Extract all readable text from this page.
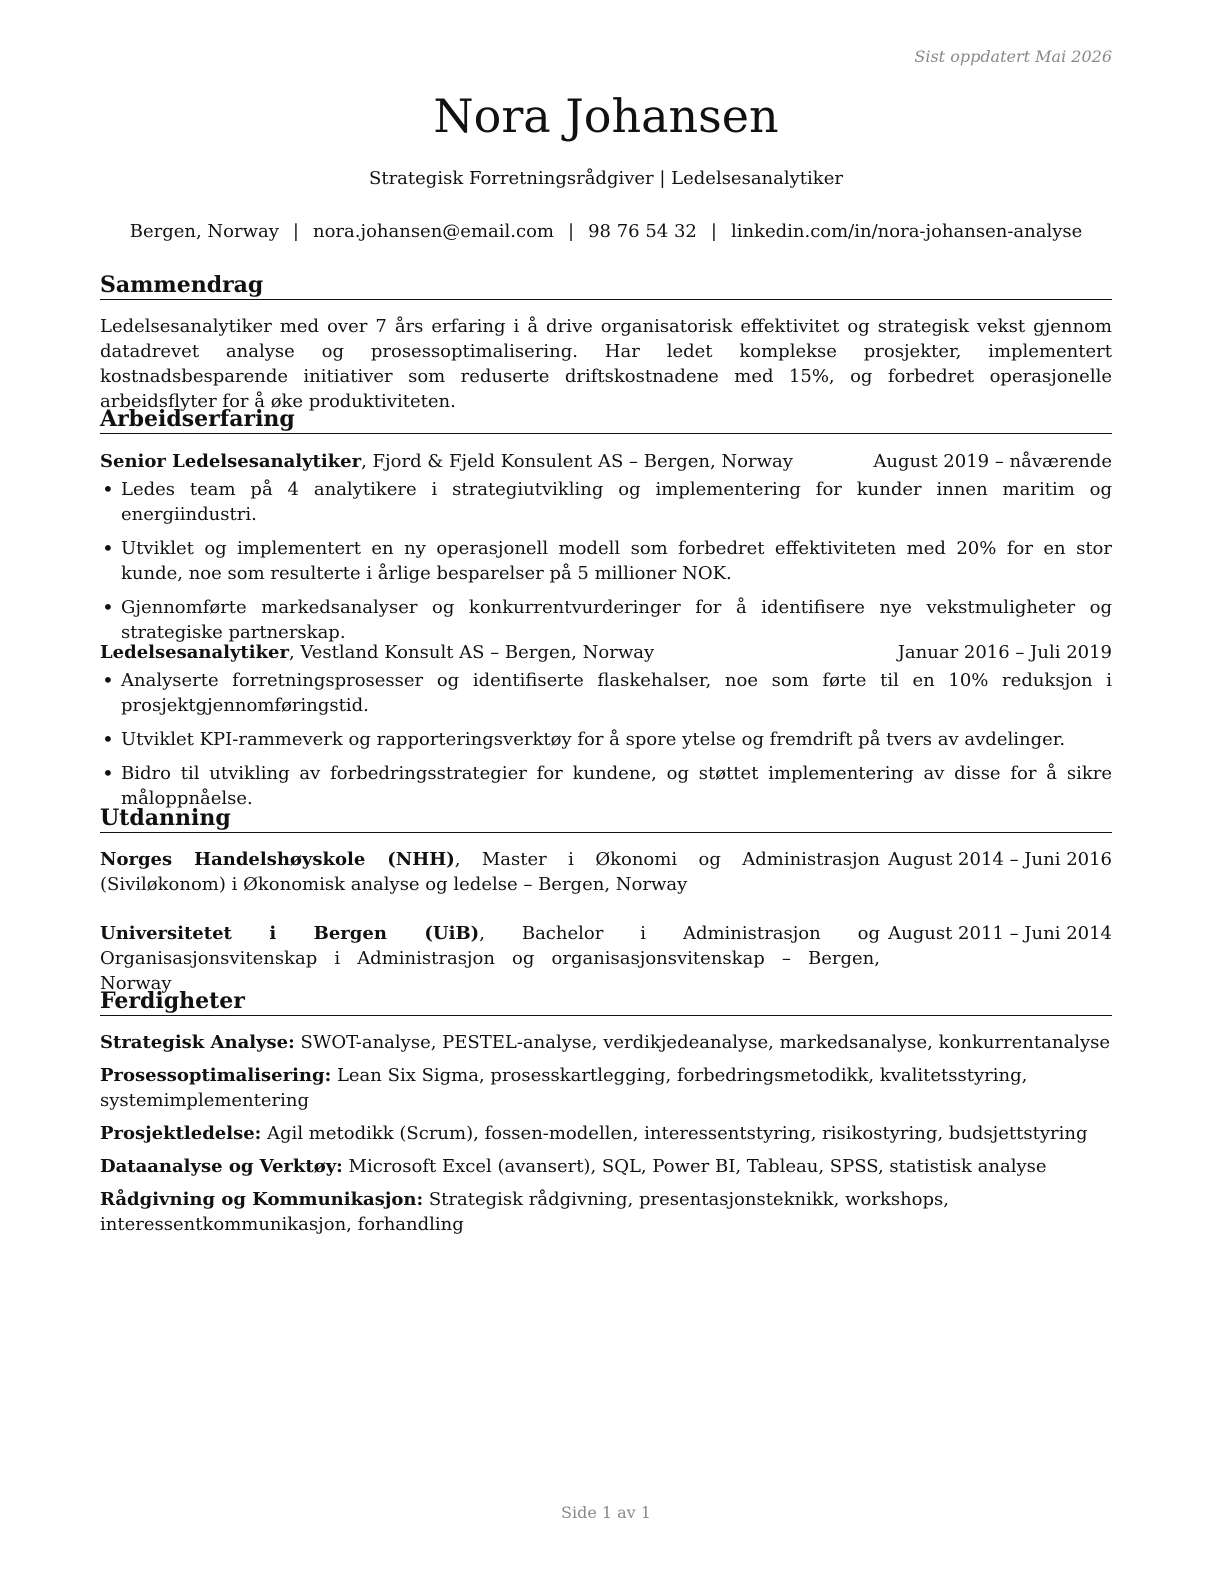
Sist oppdatert Mai 2026
Nora Johansen
Strategisk Forretningsrådgiver | Ledelsesanalytiker
Bergen, Norway | nora.johansen@email.com | 98 76 54 32 | linkedin.com/in/nora-johansen-analyse
Sammendrag
Ledelsesanalytiker med over 7 års erfaring i å drive organisatorisk effektivitet og strategisk vekst gjennom datadrevet analyse og prosessoptimalisering. Har ledet komplekse prosjekter, implementert kostnadsbesparende initiativer som reduserte driftskostnadene med 15%, og forbedret operasjonelle arbeidsflyter for å øke produktiviteten.
Arbeidserfaring
Senior Ledelsesanalytiker, Fjord & Fjeld Konsulent AS – Bergen, Norway	August 2019 – nåværende
• Ledes team på 4 analytikere i strategiutvikling og implementering for kunder innen maritim og energiindustri.
• Utviklet og implementert en ny operasjonell modell som forbedret effektiviteten med 20% for en stor kunde, noe som resulterte i årlige besparelser på 5 millioner NOK.
• Gjennomførte markedsanalyser og konkurrentvurderinger for å identifisere nye vekstmuligheter og strategiske partnerskap.
Ledelsesanalytiker, Vestland Konsult AS – Bergen, Norway	Januar 2016 – Juli 2019
• Analyserte forretningsprosesser og identifiserte flaskehalser, noe som førte til en 10% reduksjon i prosjektgjennomføringstid.
• Utviklet KPI-rammeverk og rapporteringsverktøy for å spore ytelse og fremdrift på tvers av avdelinger.
• Bidro til utvikling av forbedringsstrategier for kundene, og støttet implementering av disse for å sikre måloppnåelse.
Utdanning
Norges Handelshøyskole (NHH), Master i Økonomi og Administrasjon (Siviløkonom) i Økonomisk analyse og ledelse – Bergen, Norway
August 2014 – Juni 2016
Universitetet i Bergen (UiB), Bachelor i Administrasjon og Organisasjonsvitenskap i Administrasjon og organisasjonsvitenskap – Bergen, Norway
August 2011 – Juni 2014
Ferdigheter
Strategisk Analyse: SWOT-analyse, PESTEL-analyse, verdikjedeanalyse, markedsanalyse, konkurrentanalyse
Prosessoptimalisering: Lean Six Sigma, prosesskartlegging, forbedringsmetodikk, kvalitetsstyring, systemimplementering
Prosjektledelse: Agil metodikk (Scrum), fossen-modellen, interessentstyring, risikostyring, budsjettstyring
Dataanalyse og Verktøy: Microsoft Excel (avansert), SQL, Power BI, Tableau, SPSS, statistisk analyse
Rådgivning og Kommunikasjon: Strategisk rådgivning, presentasjonsteknikk, workshops, interessentkommunikasjon, forhandling
Side 1 av 1
